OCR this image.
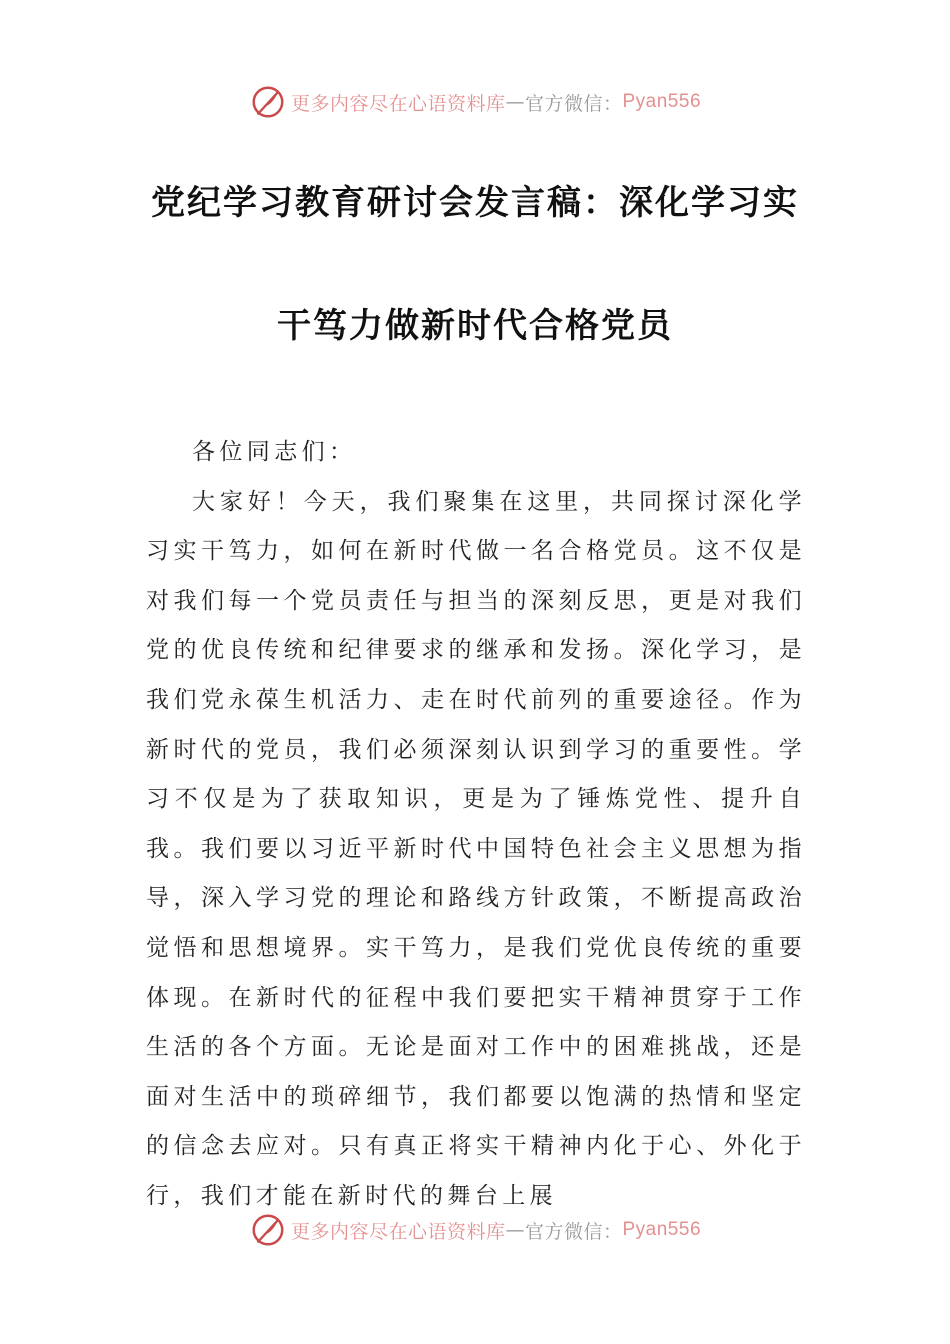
更多内容尽在心语资料库 — 官方微信： Pyan556
党纪学习教育研讨会发言稿：深化学习实
干笃力做新时代合格党员

各位同志们：

大家好！今天，我们聚集在这里，共同探讨深化学习实干笃力，如何在新时代做一名合格党员。这不仅是对我们每一个党员责任与担当的深刻反思，更是对我们党的优良传统和纪律要求的继承和发扬。深化学习，是我们党永葆生机活力、走在时代前列的重要途径。作为新时代的党员，我们必须深刻认识到学习的重要性。学习不仅是为了获取知识，更是为了锤炼党性、提升自我。我们要以习近平新时代中国特色社会主义思想为指导，深入学习党的理论和路线方针政策，不断提高政治觉悟和思想境界。实干笃力，是我们党优良传统的重要体现。在新时代的征程中我们要把实干精神贯穿于工作生活的各个方面。无论是面对工作中的困难挑战，还是面对生活中的琐碎细节，我们都要以饱满的热情和坚定的信念去应对。只有真正将实干精神内化于心、外化于行，我们才能在新时代的舞台上展

更多内容尽在心语资料库 — 官方微信： Pyan556
